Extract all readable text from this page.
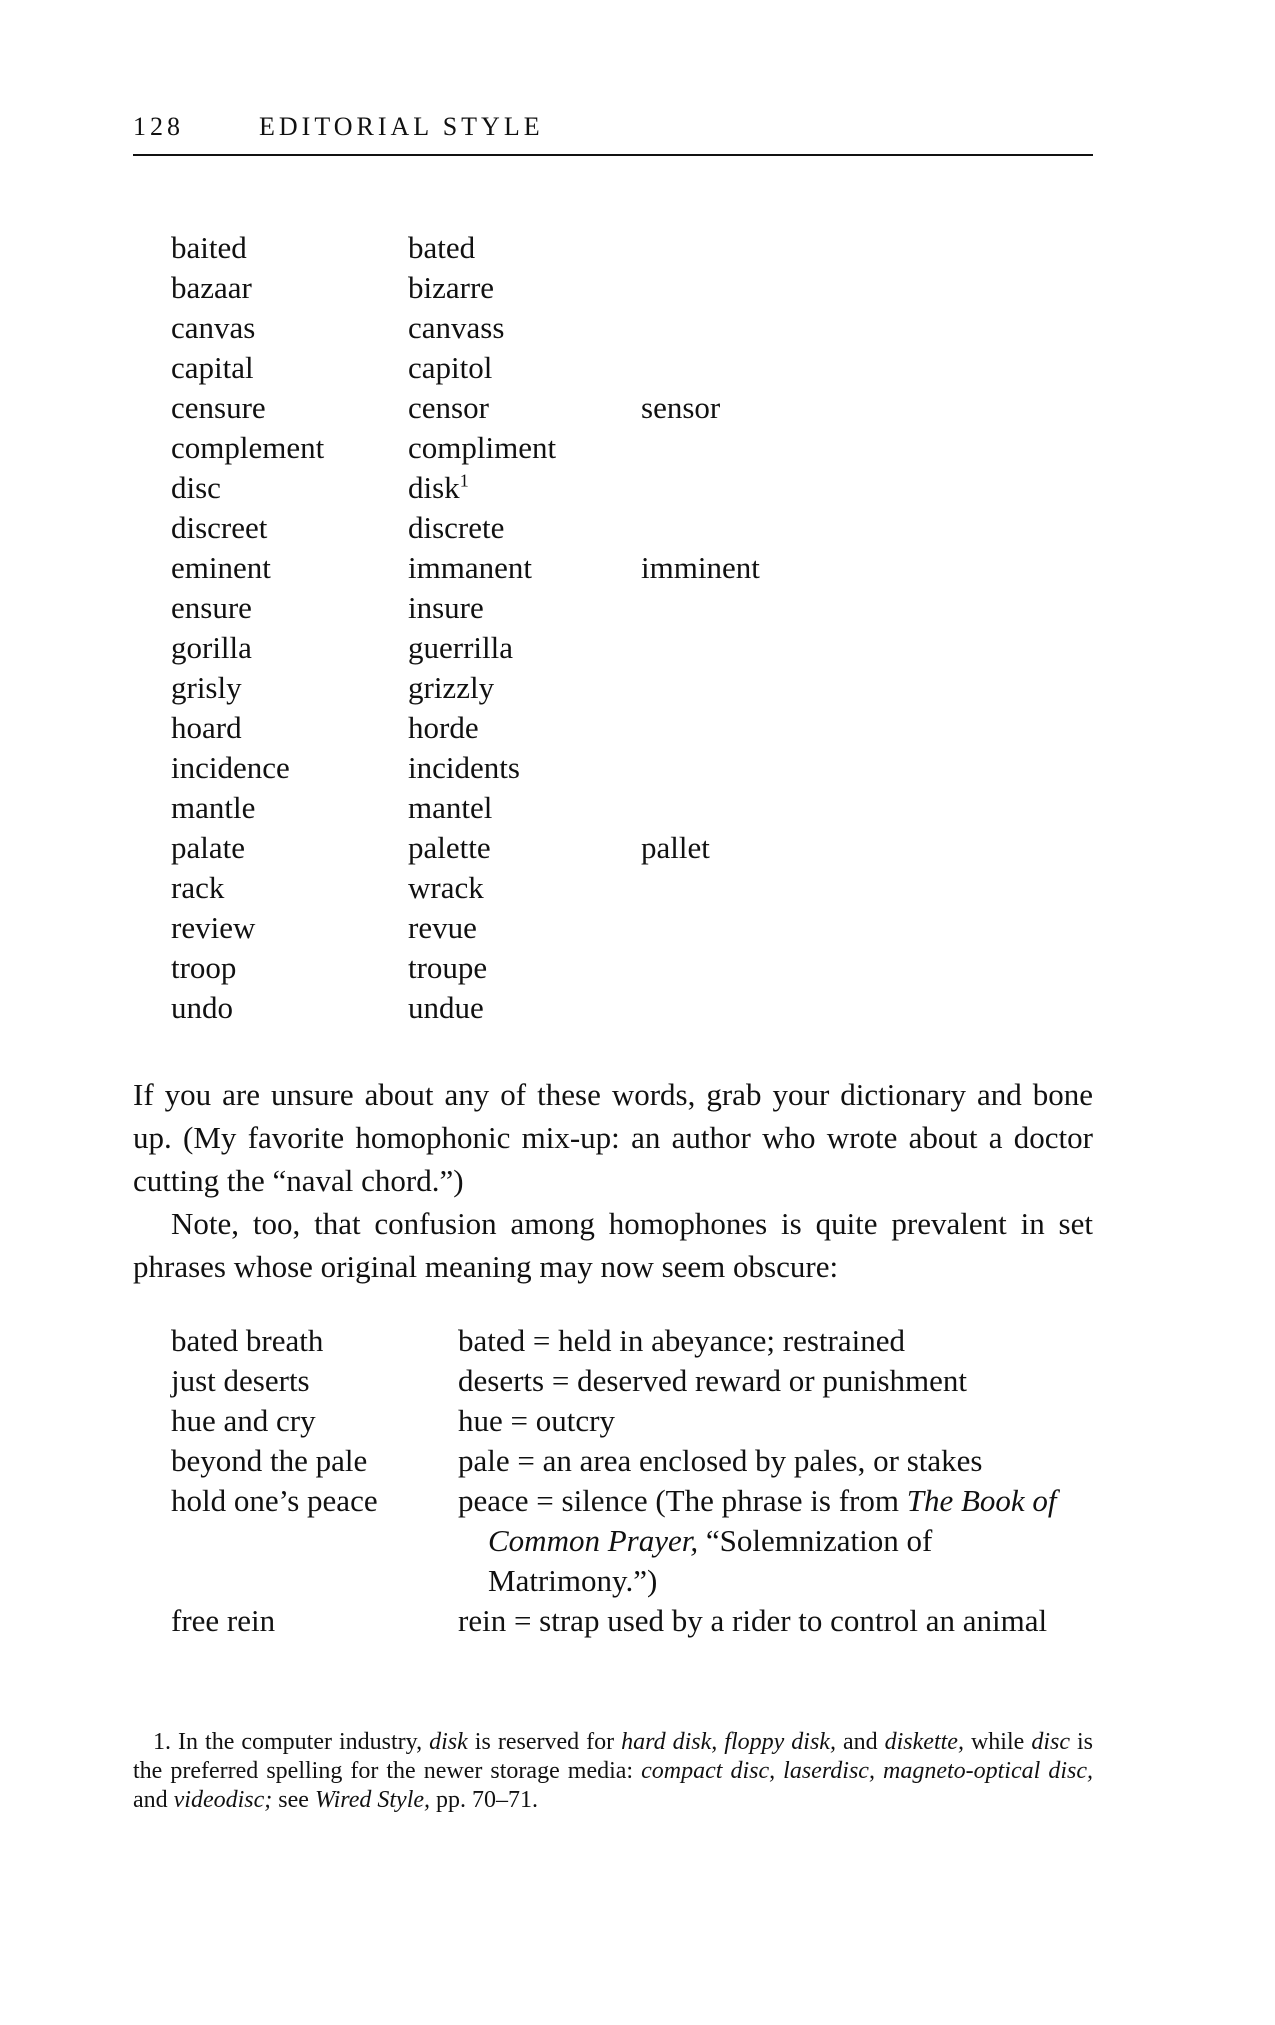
128	EDITORIAL STYLE
baited	bated
bazaar	bizarre
canvas	canvass
capital	capitol
censure	censor	sensor
complement	compliment
disc	disk$^1$
discreet	discrete
eminent	immanent	imminent
ensure	insure
gorilla	guerrilla
grisly	grizzly
hoard	horde
incidence	incidents
mantle	mantel
palate	palette	pallet
rack	wrack
review	revue
troop	troupe
undo	undue

If you are unsure about any of these words, grab your dictionary and bone up. (My favorite homophonic mix-up: an author who wrote about a doctor cutting the “naval chord.”)

Note, too, that confusion among homophones is quite prevalent in set phrases whose original meaning may now seem obscure:

bated breath	bated = held in abeyance; restrained
just deserts	deserts = deserved reward or punishment
hue and cry	hue = outcry
beyond the pale	pale = an area enclosed by pales, or stakes
hold one’s peace	peace = silence (The phrase is from The Book of Common Prayer, “Solemnization of Matrimony.”)
free rein	rein = strap used by a rider to control an animal

1. In the computer industry, disk is reserved for hard disk, floppy disk, and diskette, while disc is the preferred spelling for the newer storage media: compact disc, laserdisc, magneto-optical disc, and videodisc; see Wired Style, pp. 70–71.
